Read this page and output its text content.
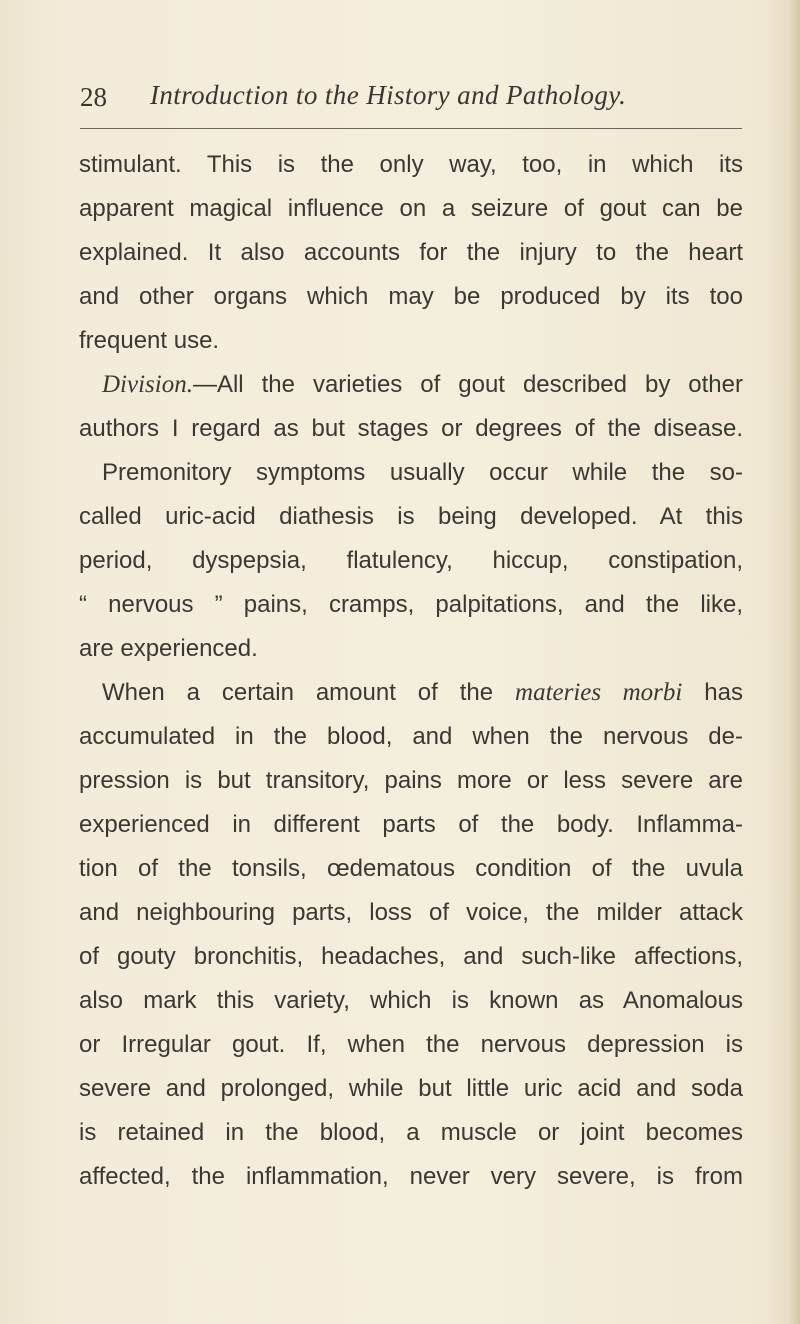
28 Introduction to the History and Pathology.
stimulant. This is the only way, too, in which its
apparent magical influence on a seizure of gout can be
explained. It also accounts for the injury to the heart
and other organs which may be produced by its too
frequent use.
Division.—All the varieties of gout described by other
authors I regard as but stages or degrees of the disease.
Premonitory symptoms usually occur while the so-
called uric-acid diathesis is being developed. At this
period, dyspepsia, flatulency, hiccup, constipation,
“ nervous ” pains, cramps, palpitations, and the like,
are experienced.
When a certain amount of the materies morbi has
accumulated in the blood, and when the nervous de-
pression is but transitory, pains more or less severe are
experienced in different parts of the body. Inflamma-
tion of the tonsils, œdematous condition of the uvula
and neighbouring parts, loss of voice, the milder attack
of gouty bronchitis, headaches, and such-like affections,
also mark this variety, which is known as Anomalous
or Irregular gout. If, when the nervous depression is
severe and prolonged, while but little uric acid and soda
is retained in the blood, a muscle or joint becomes
affected, the inflammation, never very severe, is from
